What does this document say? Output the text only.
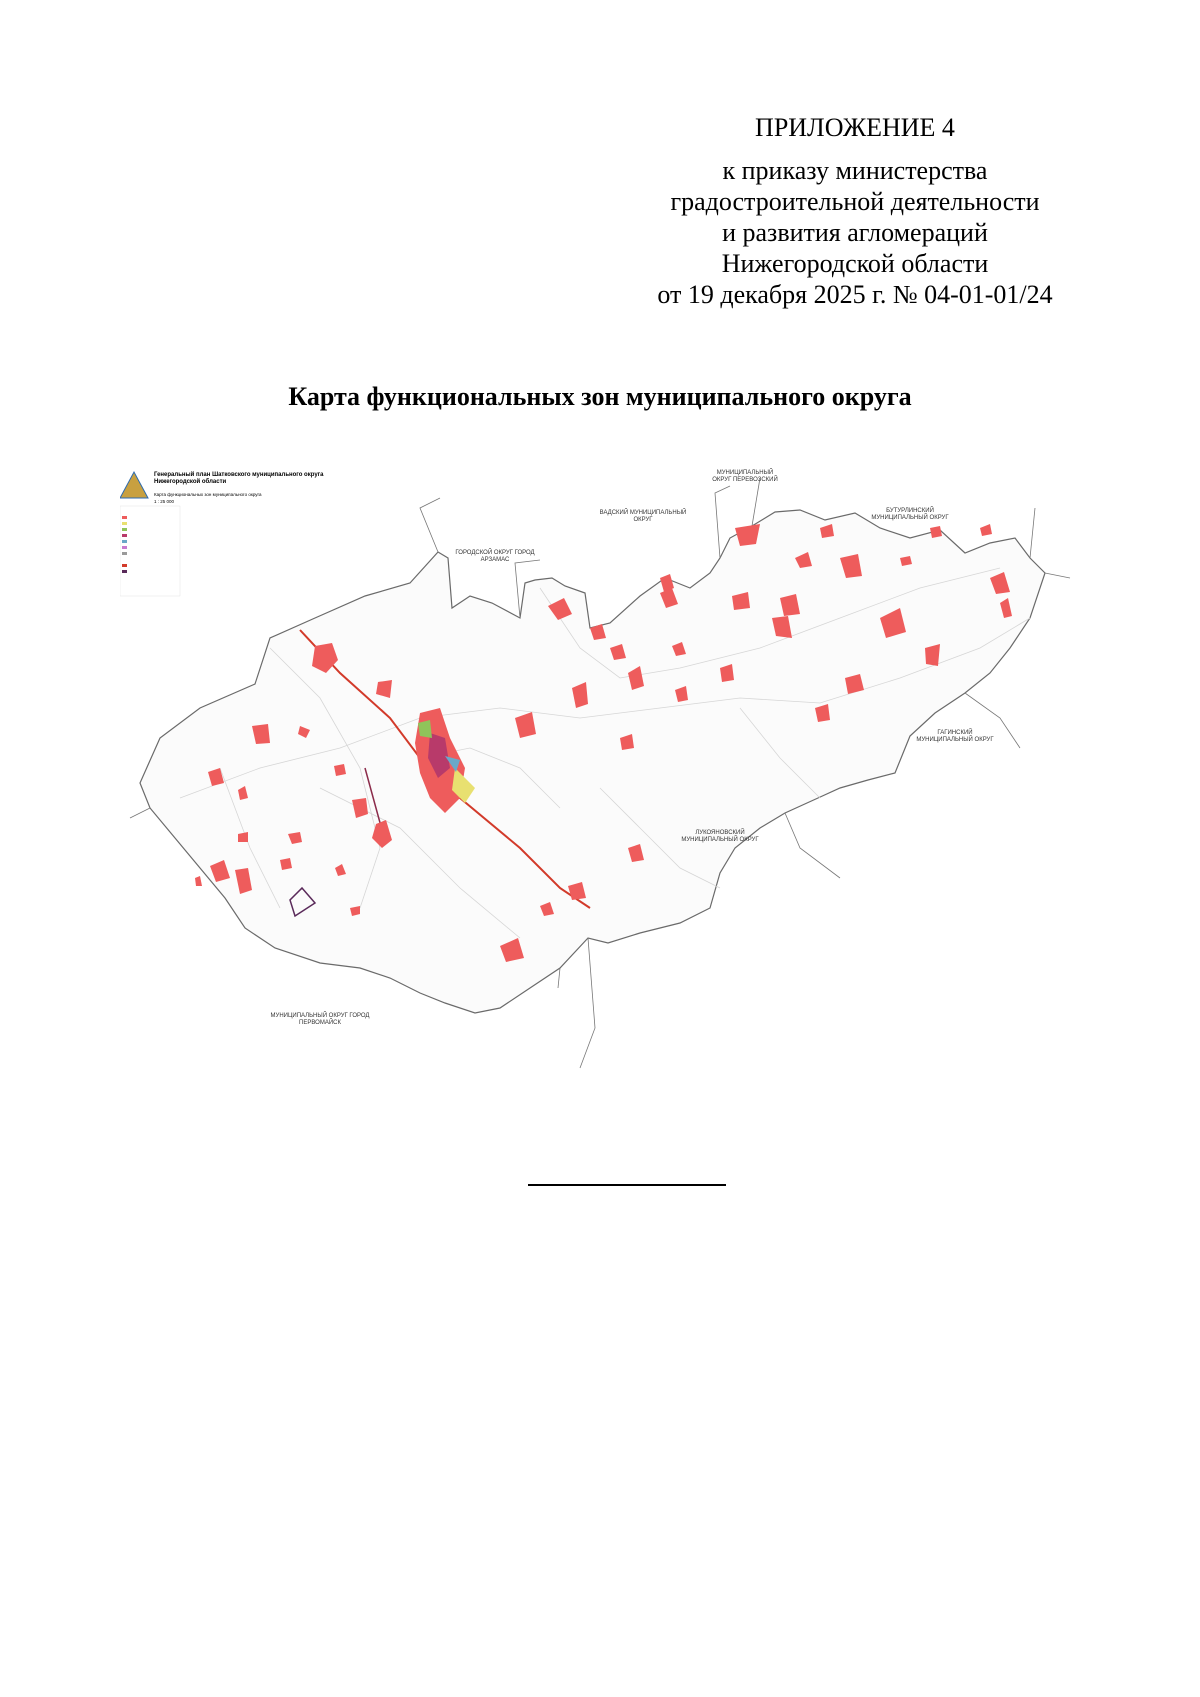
ПРИЛОЖЕНИЕ 4
к приказу министерства
градостроительной деятельности
и развития агломераций
Нижегородской области
от 19 декабря 2025 г. № 04-01-01/24
Карта функциональных зон муниципального округа
МУНИЦИПАЛЬНЫЙ ОКРУГ ПЕРЕВОЗСКИЙ
ВАДСКИЙ МУНИЦИПАЛЬНЫЙ ОКРУГ
БУТУРЛИНСКИЙ МУНИЦИПАЛЬНЫЙ ОКРУГ
ГОРОДСКОЙ ОКРУГ ГОРОД АРЗАМАС
ГАГИНСКИЙ МУНИЦИПАЛЬНЫЙ ОКРУГ
ЛУКОЯНОВСКИЙ МУНИЦИПАЛЬНЫЙ ОКРУГ
МУНИЦИПАЛЬНЫЙ ОКРУГ ГОРОД ПЕРВОМАЙСК
Генеральный план Шатковского муниципального округа Нижегородской области
Карта функциональных зон муниципального округа
1 : 25 000
